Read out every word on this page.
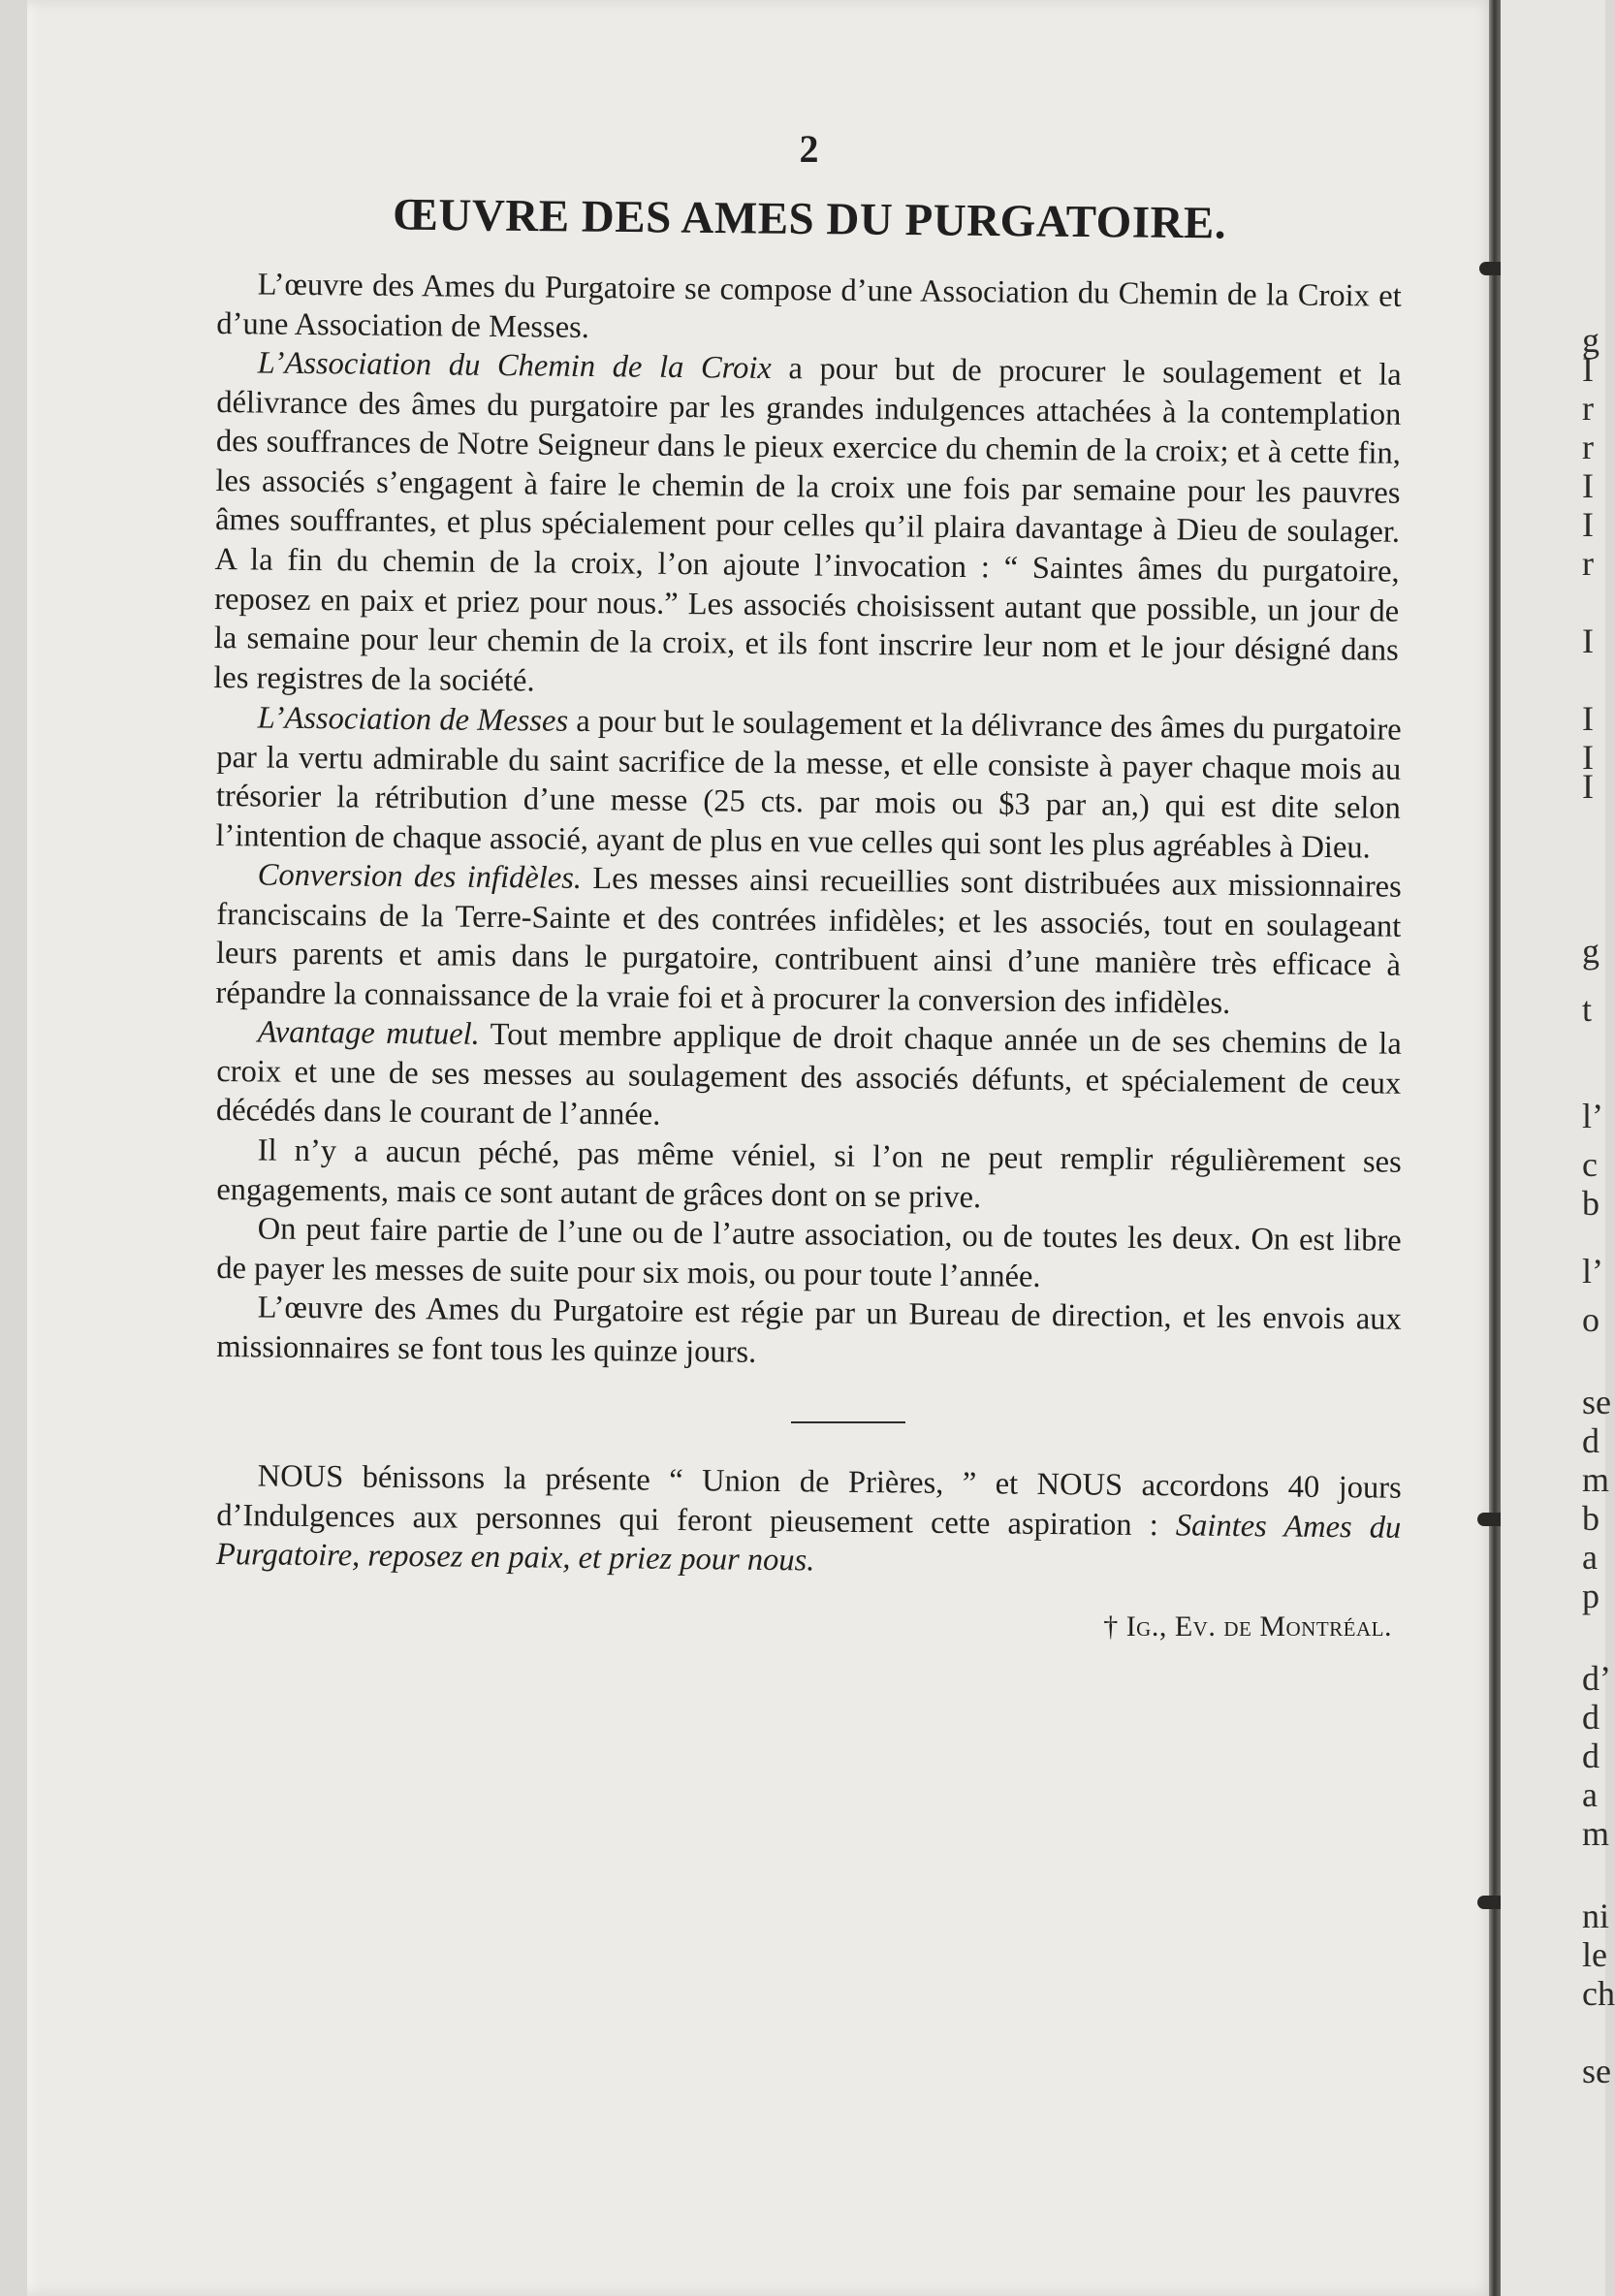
2
ŒUVRE DES AMES DU PURGATOIRE.

L’œuvre des Ames du Purgatoire se compose d’une Association du Chemin de la Croix et d’une Association de Messes.

L’Association du Chemin de la Croix a pour but de procurer le soulagement et la délivrance des âmes du purgatoire par les grandes indulgences attachées à la contemplation des souffrances de Notre Seigneur dans le pieux exercice du chemin de la croix; et à cette fin, les associés s’engagent à faire le chemin de la croix une fois par semaine pour les pauvres âmes souffrantes, et plus spécialement pour celles qu’il plaira davantage à Dieu de soulager. A la fin du chemin de la croix, l’on ajoute l’invocation : “ Saintes âmes du purgatoire, reposez en paix et priez pour nous.” Les associés choisissent autant que possible, un jour de la semaine pour leur chemin de la croix, et ils font inscrire leur nom et le jour désigné dans les registres de la société.

L’Association de Messes a pour but le soulagement et la délivrance des âmes du purgatoire par la vertu admirable du saint sacrifice de la messe, et elle consiste à payer chaque mois au trésorier la rétribution d’une messe (25 cts. par mois ou $3 par an,) qui est dite selon l’intention de chaque associé, ayant de plus en vue celles qui sont les plus agréables à Dieu.

Conversion des infidèles. Les messes ainsi recueillies sont distribuées aux missionnaires franciscains de la Terre-Sainte et des contrées infidèles; et les associés, tout en soulageant leurs parents et amis dans le purgatoire, contribuent ainsi d’une manière très efficace à répandre la connaissance de la vraie foi et à procurer la conversion des infidèles.

Avantage mutuel. Tout membre applique de droit chaque année un de ses chemins de la croix et une de ses messes au soulagement des associés défunts, et spécialement de ceux décédés dans le courant de l’année.

Il n’y a aucun péché, pas même véniel, si l’on ne peut remplir régulièrement ses engagements, mais ce sont autant de grâces dont on se prive.

On peut faire partie de l’une ou de l’autre association, ou de toutes les deux. On est libre de payer les messes de suite pour six mois, ou pour toute l’année.

L’œuvre des Ames du Purgatoire est régie par un Bureau de direction, et les envois aux missionnaires se font tous les quinze jours.

NOUS bénissons la présente “ Union de Prières, ” et NOUS accordons 40 jours d’Indulgences aux personnes qui feront pieusement cette aspiration : Saintes Ames du Purgatoire, reposez en paix, et priez pour nous.

† Ig., Ev. de Montréal.
g
I
r
r
I
I
r
I
I
I
I
g
t
l’
c
b
l’
o
se
d
m
b
a
p
d’
d
d
a
m
ni
le
ch
se
